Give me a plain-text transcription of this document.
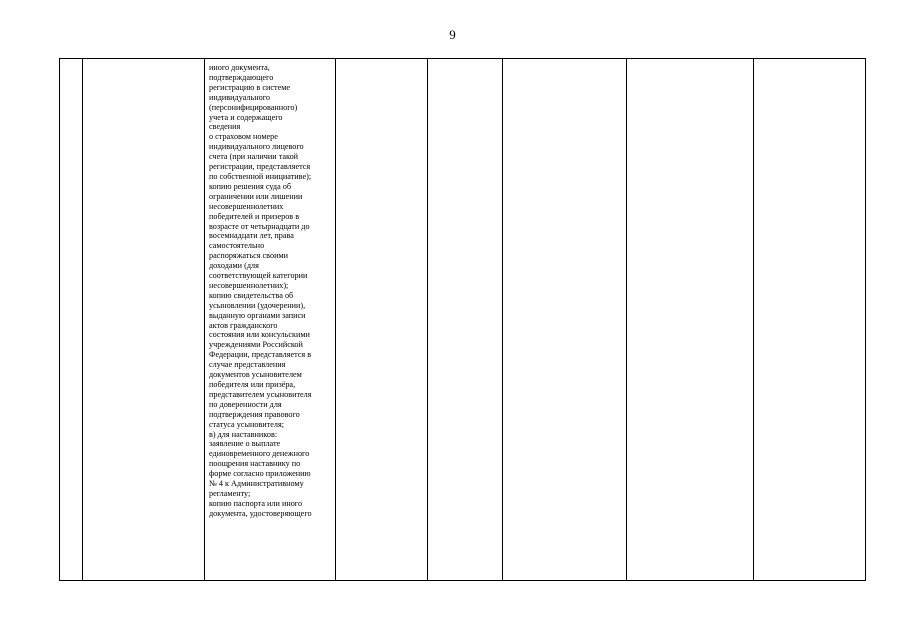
9

иного документа,
подтверждающего
регистрацию в системе
индивидуального
(персонифицированного)
учета и содержащего
сведения
о страховом номере
индивидуального лицевого
счета (при наличии такой
регистрации, представляется
по собственной инициативе);
копию решения суда об
ограничении или лишении
несовершеннолетних
победителей и призеров в
возрасте от четырнадцати до
восемнадцати лет, права
самостоятельно
распоряжаться своими
доходами (для
соответствующей категории
несовершеннолетних);
копию свидетельства об
усыновлении (удочерении),
выданную органами записи
актов гражданского
состояния или консульскими
учреждениями Российской
Федерации, представляется в
случае представления
документов усыновителем
победителя или призёра,
представителем усыновителя
по доверенности для
подтверждения правового
статуса усыновителя;
в) для наставников:
заявление о выплате
единовременного денежного
поощрения наставнику по
форме согласно приложению
№ 4 к Административному
регламенту;
копию паспорта или иного
документа, удостоверяющего
